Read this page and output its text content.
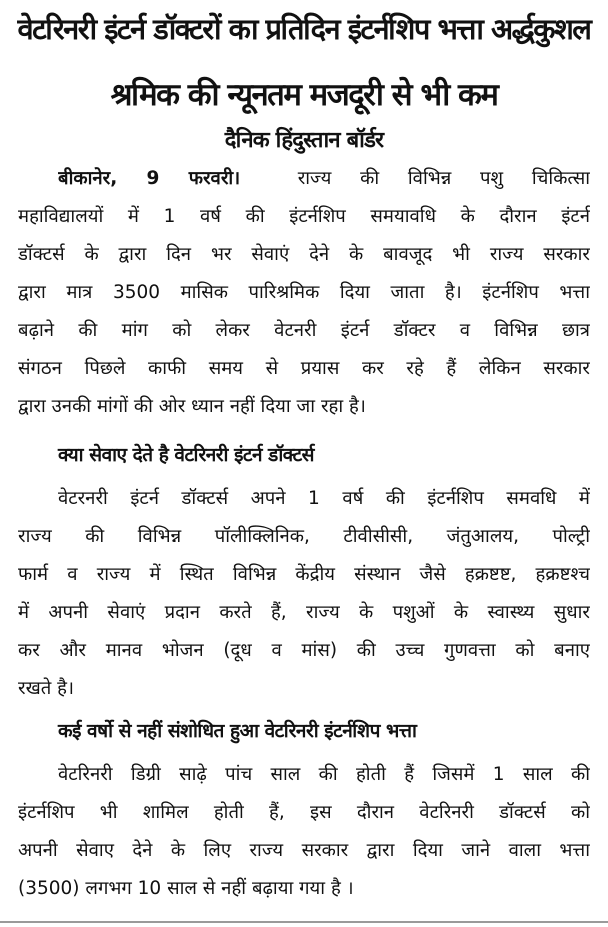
वेटरिनरी इंटर्न डॉक्टरों का प्रतिदिन इंटर्नशिप भत्ता अर्द्धकुशल
श्रमिक की न्यूनतम मजदूरी से भी कम
दैनिक हिंदुस्तान बॉर्डर
बीकानेर, 9 फरवरी।	राज्य की विभिन्न पशु चिकित्सा
महाविद्यालयों में 1 वर्ष की इंटर्नशिप समयावधि के दौरान इंटर्न
डॉक्टर्स के द्वारा दिन भर सेवाएं देने के बावजूद भी राज्य सरकार
द्वारा मात्र 3500 मासिक पारिश्रमिक दिया जाता है। इंटर्नशिप भत्ता
बढ़ाने की मांग को लेकर वेटनरी इंटर्न डॉक्टर व विभिन्न छात्र
संगठन पिछले काफी समय से प्रयास कर रहे हैं लेकिन सरकार
द्वारा उनकी मांगों की ओर ध्यान नहीं दिया जा रहा है।
क्या सेवाए देते है वेटरिनरी इंटर्न डॉक्टर्स
वेटरनरी इंटर्न डॉक्टर्स अपने 1 वर्ष की इंटर्नशिप समवधि में
राज्य की विभिन्न पॉलीक्लिनिक, टीवीसीसी, जंतुआलय, पोल्ट्री
फार्म व राज्य में स्थित विभिन्न केंद्रीय संस्थान जैसे हक्रष्टष्ट, हक्रष्टश्च
में अपनी सेवाएं प्रदान करते हैं, राज्य के पशुओं के स्वास्थ्य सुधार
कर और मानव भोजन (दूध व मांस) की उच्च गुणवत्ता को बनाए
रखते है।
कई वर्षो से नहीं संशोधित हुआ वेटरिनरी इंटर्नशिप भत्ता
वेटरिनरी डिग्री साढ़े पांच साल की होती हैं जिसमें 1 साल की
इंटर्नशिप भी शामिल होती हैं, इस दौरान वेटरिनरी डॉक्टर्स को
अपनी सेवाए देने के लिए राज्य सरकार द्वारा दिया जाने वाला भत्ता
(3500) लगभग 10 साल से नहीं बढ़ाया गया है ।
